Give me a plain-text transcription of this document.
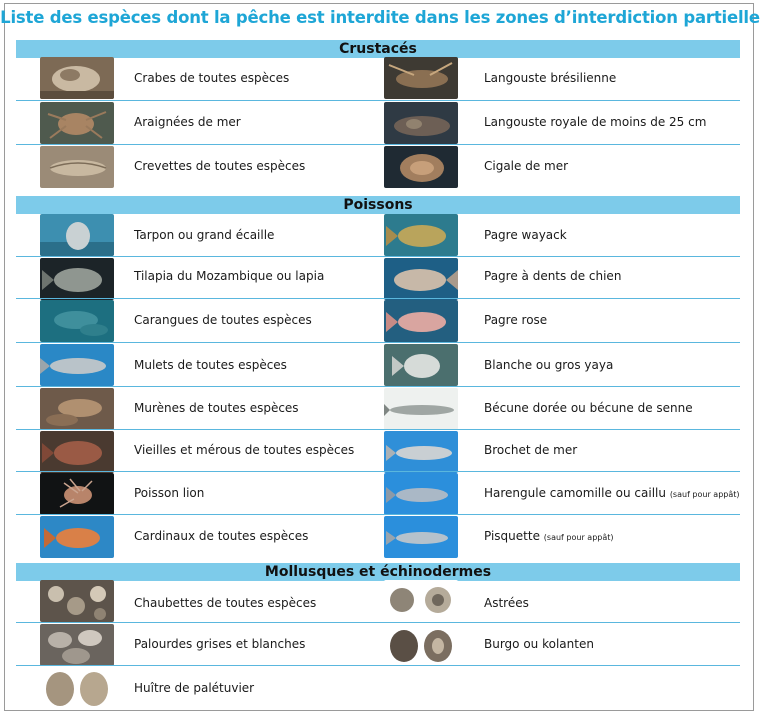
Liste des espèces dont la pêche est interdite dans les zones d’interdiction partielle
Crustacés
Crabes de toutes espèces	Langouste brésilienne
Araignées de mer	Langouste royale de moins de 25 cm
Crevettes de toutes espèces	Cigale de mer
Poissons
Tarpon ou grand écaille	Pagre wayack
Tilapia du Mozambique ou lapia	Pagre à dents de chien
Carangues de toutes espèces	Pagre rose
Mulets de toutes espèces	Blanche ou gros yaya
Murènes de toutes espèces	Bécune dorée ou bécune de senne
Vieilles et mérous de toutes espèces	Brochet de mer
Poisson lion	Harengule camomille ou caillu (sauf pour appât)
Cardinaux de toutes espèces	Pisquette (sauf pour appât)
Mollusques et échinodermes
Chaubettes de toutes espèces	Astrées
Palourdes grises et blanches	Burgo ou kolanten
Huître de palétuvier
